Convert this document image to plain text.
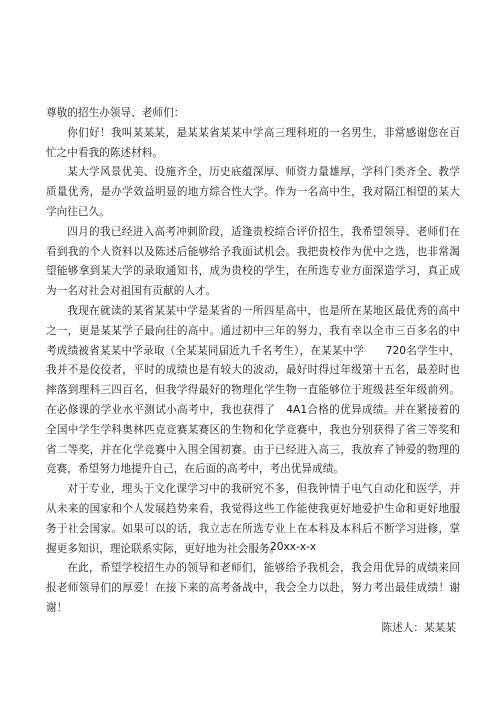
尊敬的招生办领导、老师们：

你们好！我叫某某某，是某某省某某中学高三理科班的一名男生，非常感谢您在百忙之中看我的陈述材料。

某大学风景优美、设施齐全，历史底蕴深厚、师资力量雄厚，学科门类齐全、教学质量优秀，是办学效益明显的地方综合性大学。作为一名高中生，我对隔江相望的某大学向往已久。

四月的我已经进入高考冲刺阶段，适逢贵校综合评价招生，我希望领导、老师们在看到我的个人资料以及陈述后能够给予我面试机会。我把贵校作为优中之选，也非常渴望能够拿到某大学的录取通知书，成为贵校的学生，在所选专业方面深造学习，真正成为一名对社会对祖国有贡献的人才。

我现在就读的某省某某中学是某省的一所四星高中，也是所在某地区最优秀的高中之一，更是某某学子最向往的高中。通过初中三年的努力，我有幸以全市三百多名的中考成绩被省某某中学录取（全某某同届近九千名考生），在某某中学　　720名学生中，我并不是佼佼者，平时的成绩也是有较大的波动，最好时得过年级第十五名，最差时也摔落到理科三四百名，但我学得最好的物理化学生物一直能够位于班级甚至年级前列。在必修课的学业水平测试小高考中，我也获得了　4A1合格的优异成绩。并在紧接着的全国中学生学科奥林匹克竞赛某赛区的生物和化学竞赛中，我也分别获得了省三等奖和省二等奖，并在化学竞赛中入围全国初赛。由于已经进入高三，我放弃了钟爱的物理的竞赛，希望努力地提升自己，在后面的高考中，考出优异成绩。

对于专业，埋头于文化课学习中的我研究不多，但我钟情于电气自动化和医学，并从未来的国家和个人发展趋势来看，我觉得这些工作能使我更好地爱护生命和更好地服务于社会国家。如果可以的话，我立志在所选专业上在本科及本科后不断学习进修，掌握更多知识，理论联系实际，更好地为社会服务。

在此，希望学校招生办的领导和老师们，能够给予我机会，我会用优异的成绩来回报老师领导们的厚爱！在接下来的高考备战中，我会全力以赴，努力考出最佳成绩！谢谢！

陈述人：某某某

20xx-x-x
